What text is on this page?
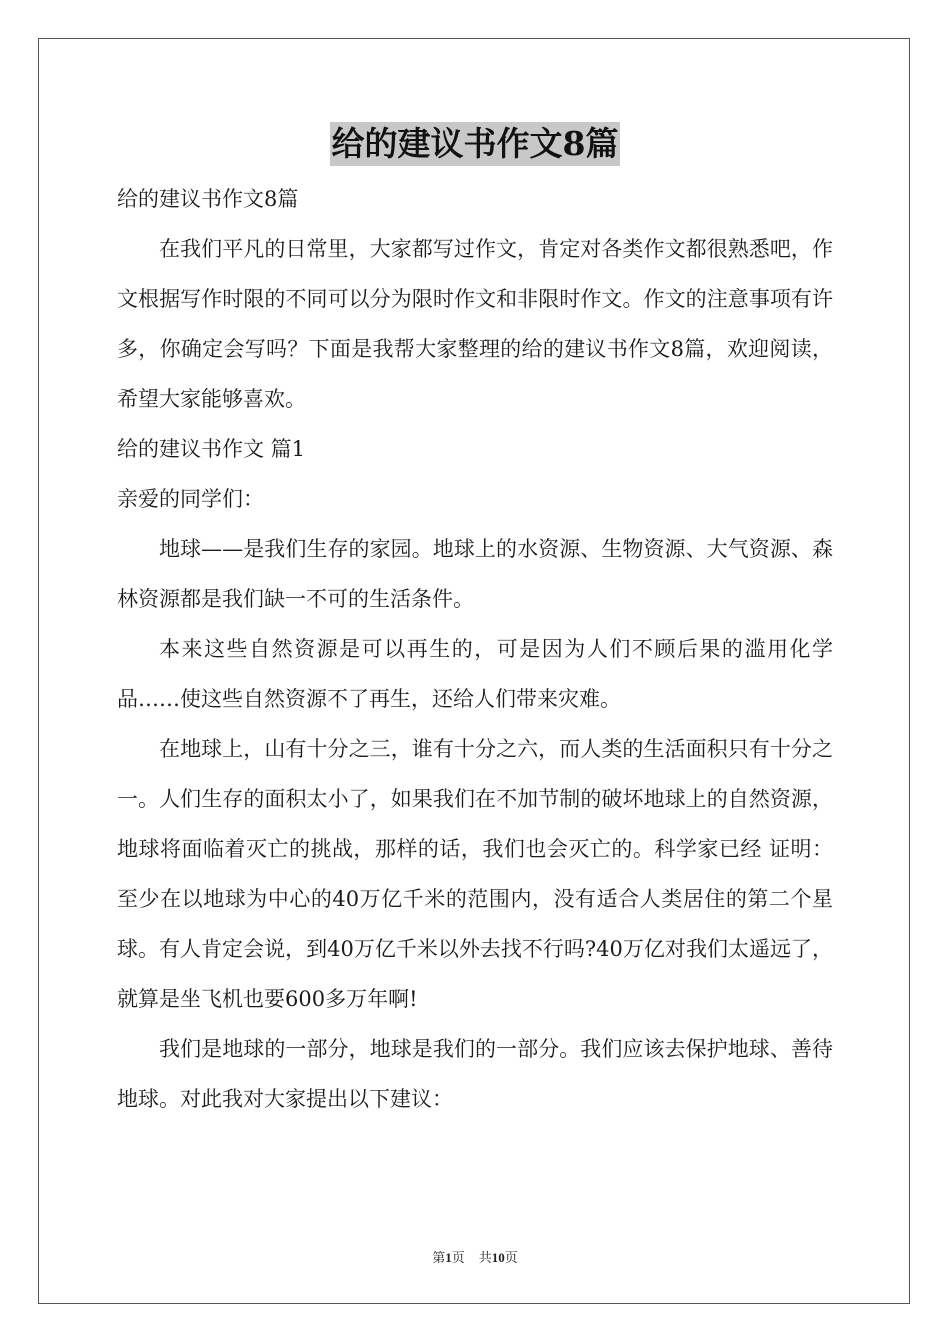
给的建议书作文8篇

给的建议书作文8篇

在我们平凡的日常里，大家都写过作文，肯定对各类作文都很熟悉吧，作文根据写作时限的不同可以分为限时作文和非限时作文。作文的注意事项有许多，你确定会写吗？下面是我帮大家整理的给的建议书作文8篇，欢迎阅读，希望大家能够喜欢。

给的建议书作文 篇1

亲爱的同学们：

地球——是我们生存的家园。地球上的水资源、生物资源、大气资源、森林资源都是我们缺一不可的生活条件。

本来这些自然资源是可以再生的，可是因为人们不顾后果的滥用化学品……使这些自然资源不了再生，还给人们带来灾难。

在地球上，山有十分之三，谁有十分之六，而人类的生活面积只有十分之一。人们生存的面积太小了，如果我们在不加节制的破坏地球上的自然资源，地球将面临着灭亡的挑战，那样的话，我们也会灭亡的。科学家已经 证明：至少在以地球为中心的40万亿千米的范围内，没有适合人类居住的第二个星球。有人肯定会说，到40万亿千米以外去找不行吗?40万亿对我们太遥远了，就算是坐飞机也要600多万年啊!

我们是地球的一部分，地球是我们的一部分。我们应该去保护地球、善待地球。对此我对大家提出以下建议：

第1页 共10页
